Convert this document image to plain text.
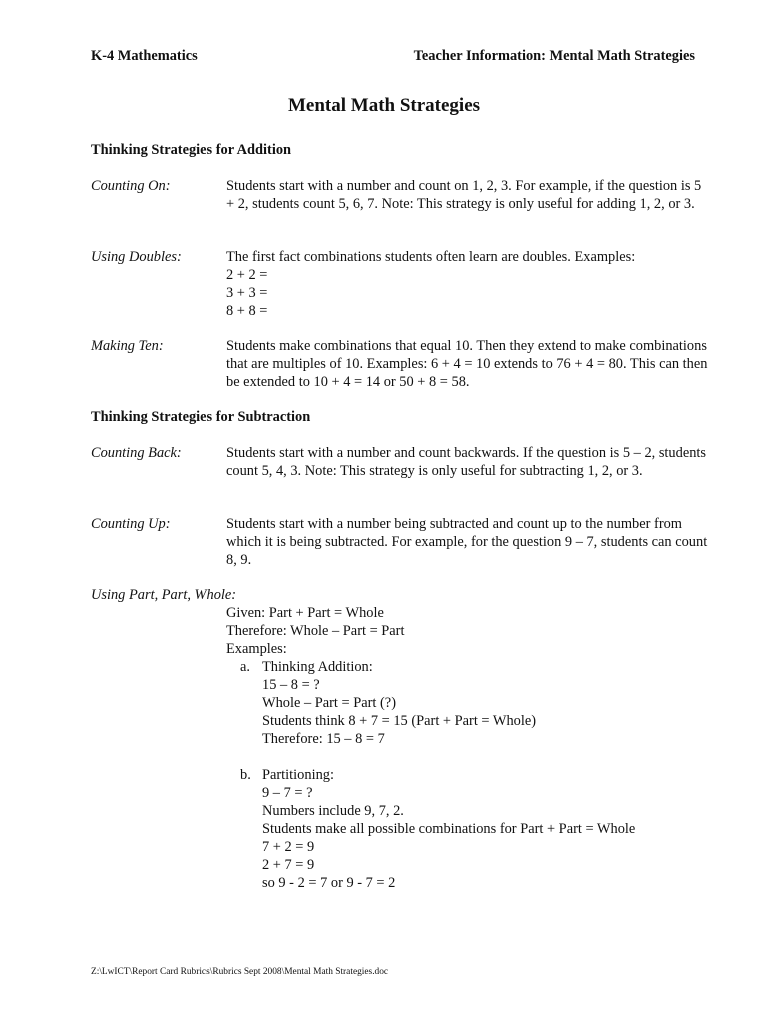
K-4 Mathematics	Teacher Information: Mental Math Strategies
Mental Math Strategies
Thinking Strategies for Addition
Counting On:	Students start with a number and count on 1, 2, 3. For example, if the question is 5 + 2, students count 5, 6, 7. Note: This strategy is only useful for adding 1, 2, or 3.
Using Doubles:	The first fact combinations students often learn are doubles. Examples:
2 + 2 =
3 + 3 =
8 + 8 =
Making Ten:	Students make combinations that equal 10. Then they extend to make combinations that are multiples of 10. Examples: 6 + 4 = 10 extends to 76 + 4 = 80. This can then be extended to 10 + 4 = 14 or 50 + 8 = 58.
Thinking Strategies for Subtraction
Counting Back:	Students start with a number and count backwards. If the question is 5 – 2, students count 5, 4, 3. Note: This strategy is only useful for subtracting 1, 2, or 3.
Counting Up:	Students start with a number being subtracted and count up to the number from which it is being subtracted. For example, for the question 9 – 7, students can count 8, 9.
Using Part, Part, Whole:
Given: Part + Part = Whole
Therefore: Whole – Part = Part
Examples:
a. Thinking Addition:
15 – 8 = ?
Whole – Part = Part (?)
Students think 8 + 7 = 15 (Part + Part = Whole)
Therefore: 15 – 8 = 7
b. Partitioning:
9 – 7 = ?
Numbers include 9, 7, 2.
Students make all possible combinations for Part + Part = Whole
7 + 2 = 9
2 + 7 = 9
so 9 - 2 = 7 or 9 - 7 = 2
Z:\LwICT\Report Card Rubrics\Rubrics Sept 2008\Mental Math Strategies.doc
